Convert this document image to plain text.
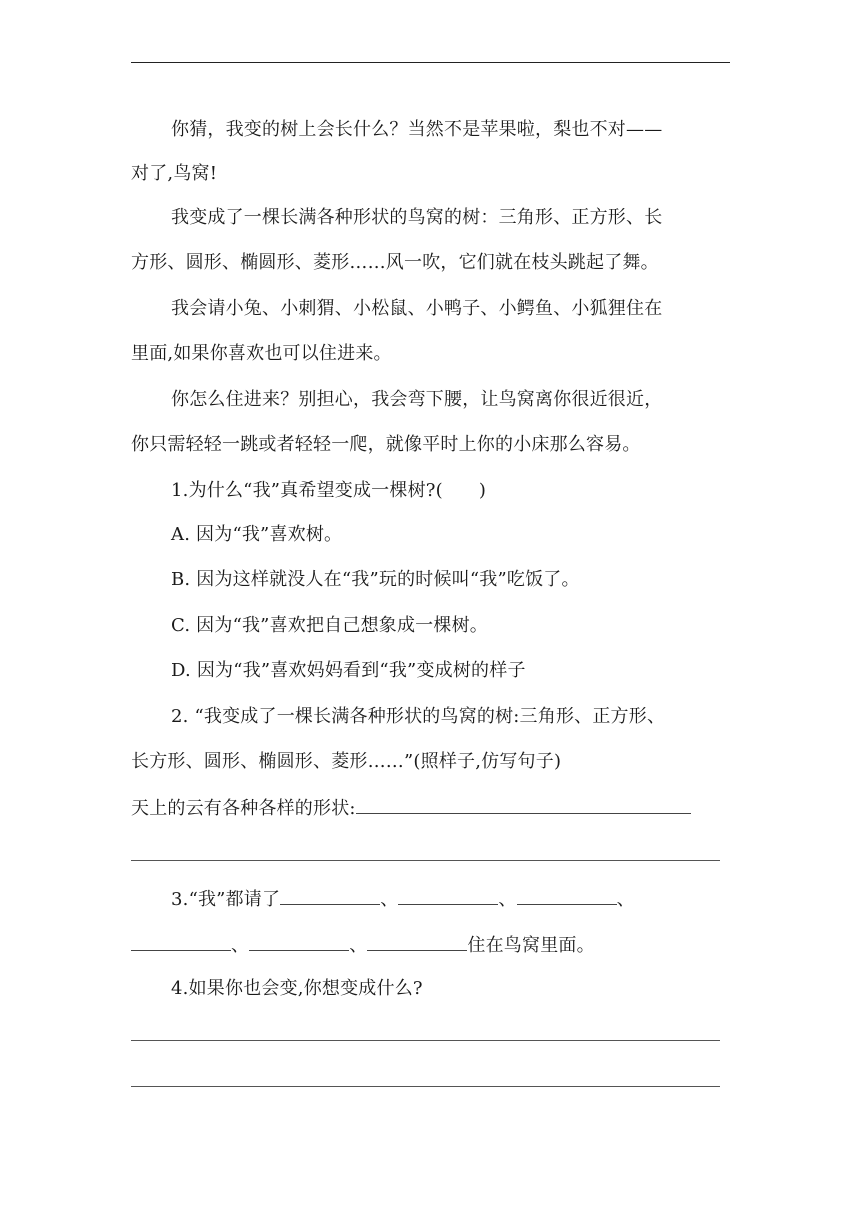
你猜，我变的树上会长什么？当然不是苹果啦，梨也不对——
对了,鸟窝!
我变成了一棵长满各种形状的鸟窝的树：三角形、正方形、长
方形、圆形、椭圆形、菱形……风一吹，它们就在枝头跳起了舞。
我会请小兔、小刺猬、小松鼠、小鸭子、小鳄鱼、小狐狸住在
里面,如果你喜欢也可以住进来。
你怎么住进来？别担心，我会弯下腰，让鸟窝离你很近很近，
你只需轻轻一跳或者轻轻一爬，就像平时上你的小床那么容易。
1.为什么“我”真希望变成一棵树?( )
A. 因为“我”喜欢树。
B. 因为这样就没人在“我”玩的时候叫“我”吃饭了。
C. 因为“我”喜欢把自己想象成一棵树。
D. 因为“我”喜欢妈妈看到“我”变成树的样子
2. “我变成了一棵长满各种形状的鸟窝的树:三角形、正方形、
长方形、圆形、椭圆形、菱形……”(照样子,仿写句子)
天上的云有各种各样的形状:
3.“我”都请了	、	、	、
、	、	住在鸟窝里面。
4.如果你也会变,你想变成什么?
